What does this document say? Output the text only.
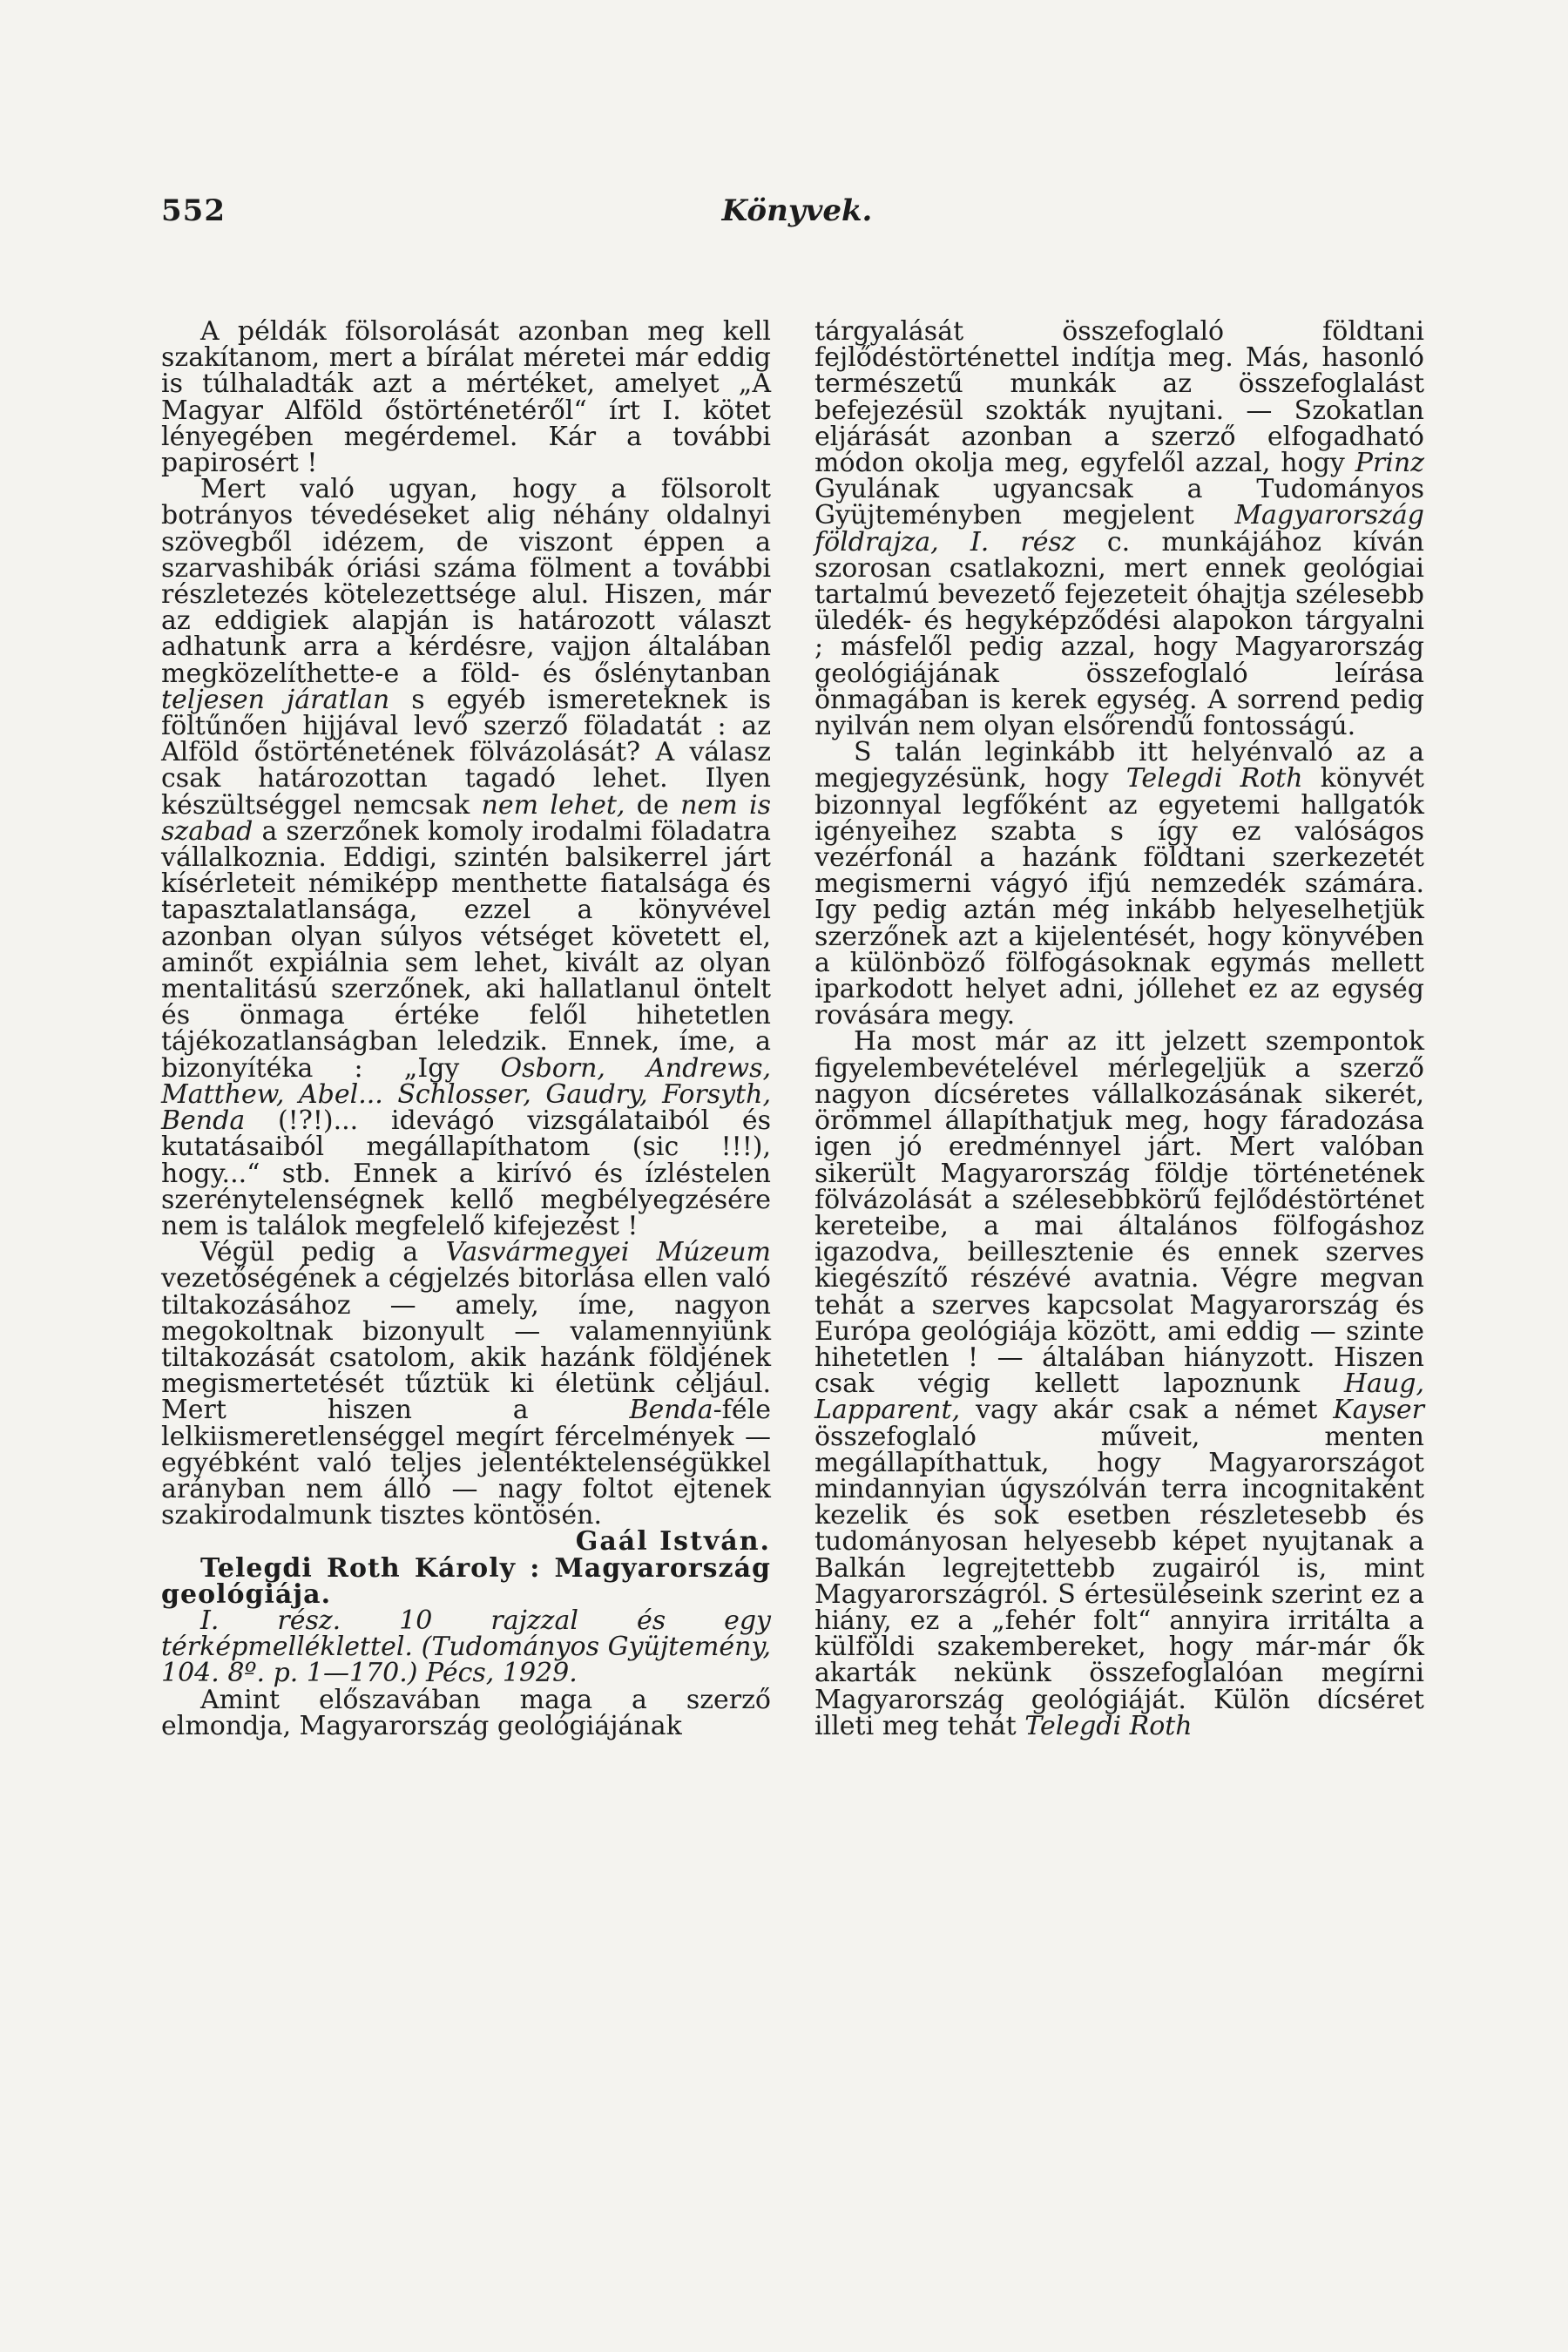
552	Könyvek.

A példák fölsorolását azonban meg kell szakítanom, mert a bírálat méretei már eddig is túlhaladták azt a mértéket, amelyet „A Magyar Alföld őstörténetéről“ írt I. kötet lényegében megérdemel. Kár a további papirosért !

Mert való ugyan, hogy a fölsorolt botrányos tévedéseket alig néhány oldalnyi szövegből idézem, de viszont éppen a szarvashibák óriási száma fölment a további részletezés kötelezettsége alul. Hiszen, már az eddigiek alapján is határozott választ adhatunk arra a kérdésre, vajjon általában megközelíthette-e a föld- és őslénytanban teljesen járatlan s egyéb ismereteknek is föltűnően hijjával levő szerző föladatát : az Alföld őstörténetének fölvázolását? A válasz csak határozottan tagadó lehet. Ilyen készültséggel nemcsak nem lehet, de nem is szabad a szerzőnek komoly irodalmi föladatra vállalkoznia. Eddigi, szintén balsikerrel járt kísérleteit némiképp menthette fiatalsága és tapasztalatlansága, ezzel a könyvével azonban olyan súlyos vétséget követett el, aminőt expiálnia sem lehet, kivált az olyan mentalitású szerzőnek, aki hallatlanul öntelt és önmaga értéke felől hihetetlen tájékozatlanságban leledzik. Ennek, íme, a bizonyítéka : „Igy Osborn, Andrews, Matthew, Abel... Schlosser, Gaudry, Forsyth, Benda (!?!)... idevágó vizsgálataiból és kutatásaiból megállapíthatom (sic !!!), hogy...“ stb. Ennek a kirívó és ízléstelen szerénytelenségnek kellő megbélyegzésére nem is találok megfelelő kifejezést !

Végül pedig a Vasvármegyei Múzeum vezetőségének a cégjelzés bitorlása ellen való tiltakozásához — amely, íme, nagyon megokoltnak bizonyult — valamennyiünk tiltakozását csatolom, akik hazánk földjének megismertetését tűztük ki életünk céljául. Mert hiszen a Benda-féle lelkiismeretlenséggel megírt fércelmények — egyébként való teljes jelentéktelenségükkel arányban nem álló — nagy foltot ejtenek szakirodalmunk tisztes köntösén.

Gaál István.

Telegdi Roth Károly : Magyarország geológiája.

I. rész. 10 rajzzal és egy térképmelléklettel. (Tudományos Gyüjtemény, 104. 8º. p. 1—170.) Pécs, 1929.

Amint előszavában maga a szerző elmondja, Magyarország geológiájának

tárgyalását összefoglaló földtani fejlődéstörténettel indítja meg. Más, hasonló természetű munkák az összefoglalást befejezésül szokták nyujtani. — Szokatlan eljárását azonban a szerző elfogadható módon okolja meg, egyfelől azzal, hogy Prinz Gyulának ugyancsak a Tudományos Gyüjteményben megjelent Magyarország földrajza, I. rész c. munkájához kíván szorosan csatlakozni, mert ennek geológiai tartalmú bevezető fejezeteit óhajtja szélesebb üledék- és hegyképződési alapokon tárgyalni ; másfelől pedig azzal, hogy Magyarország geológiájának összefoglaló leírása önmagában is kerek egység. A sorrend pedig nyilván nem olyan elsőrendű fontosságú.

S talán leginkább itt helyénvaló az a megjegyzésünk, hogy Telegdi Roth könyvét bizonnyal legfőként az egyetemi hallgatók igényeihez szabta s így ez valóságos vezérfonál a hazánk földtani szerkezetét megismerni vágyó ifjú nemzedék számára. Igy pedig aztán még inkább helyeselhetjük szerzőnek azt a kijelentését, hogy könyvében a különböző fölfogásoknak egymás mellett iparkodott helyet adni, jóllehet ez az egység rovására megy.

Ha most már az itt jelzett szempontok figyelembevételével mérlegeljük a szerző nagyon dícséretes vállalkozásának sikerét, örömmel állapíthatjuk meg, hogy fáradozása igen jó eredménnyel járt. Mert valóban sikerült Magyarország földje történetének fölvázolását a szélesebbkörű fejlődéstörténet kereteibe, a mai általános fölfogáshoz igazodva, beillesztenie és ennek szerves kiegészítő részévé avatnia. Végre megvan tehát a szerves kapcsolat Magyarország és Európa geológiája között, ami eddig — szinte hihetetlen ! — általában hiányzott. Hiszen csak végig kellett lapoznunk Haug, Lapparent, vagy akár csak a német Kayser összefoglaló műveit, menten megállapíthattuk, hogy Magyarországot mindannyian úgyszólván terra incognitaként kezelik és sok esetben részletesebb és tudományosan helyesebb képet nyujtanak a Balkán legrejtettebb zugairól is, mint Magyarországról. S értesüléseink szerint ez a hiány, ez a „fehér folt“ annyira irritálta a külföldi szakembereket, hogy már-már ők akarták nekünk összefoglalóan megírni Magyarország geológiáját. Külön dícséret illeti meg tehát Telegdi Roth
